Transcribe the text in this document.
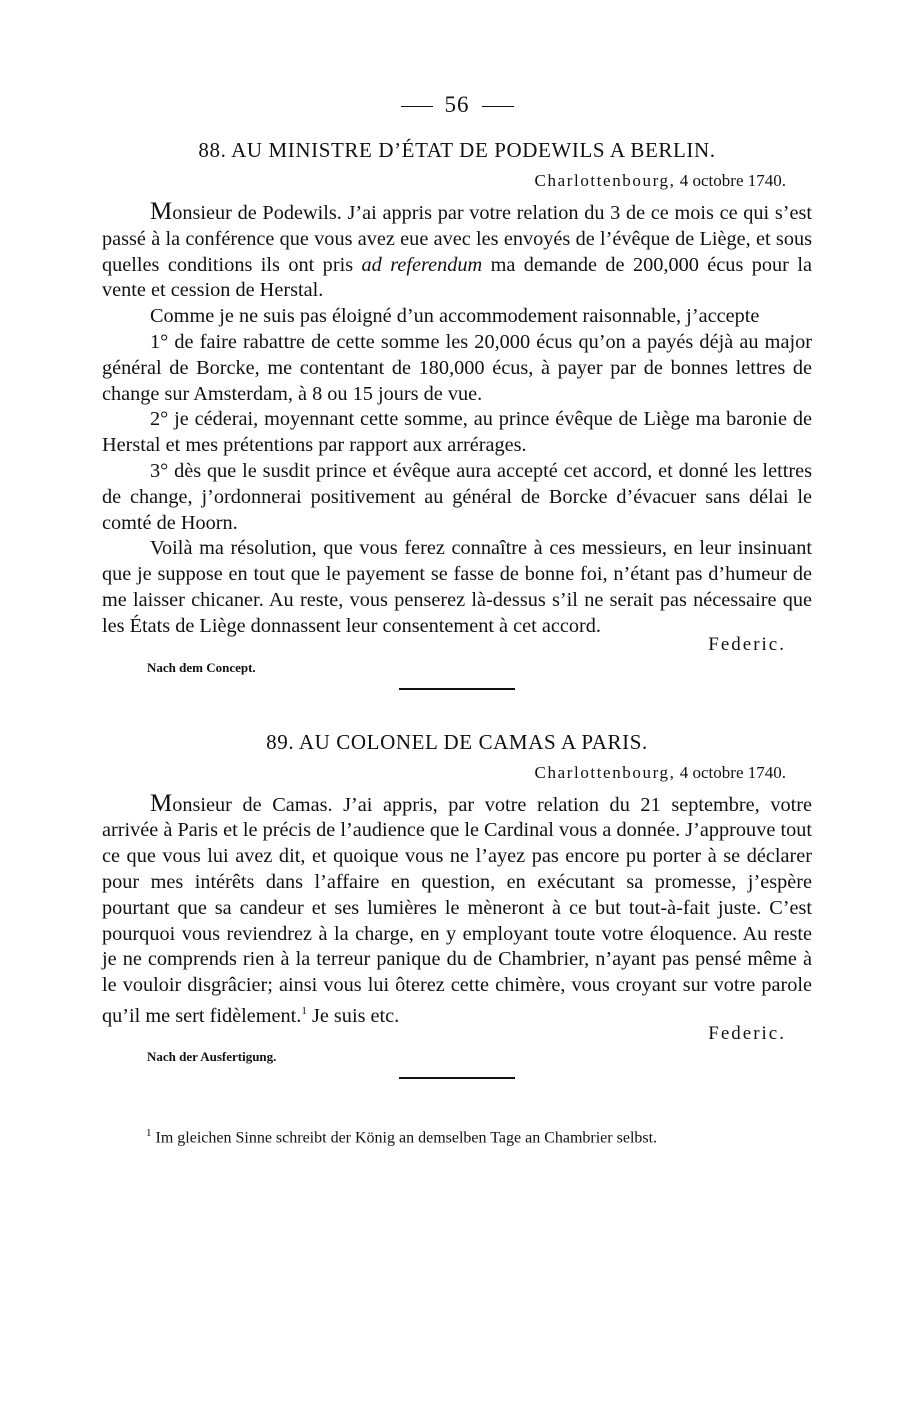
56
88. AU MINISTRE D’ÉTAT DE PODEWILS A BERLIN.
Charlottenbourg, 4 octobre 1740.

Monsieur de Podewils. J’ai appris par votre relation du 3 de ce mois ce qui s’est passé à la conférence que vous avez eue avec les envoyés de l’évêque de Liège, et sous quelles conditions ils ont pris ad referendum ma demande de 200,000 écus pour la vente et cession de Herstal.

Comme je ne suis pas éloigné d’un accommodement raisonnable, j’accepte

1° de faire rabattre de cette somme les 20,000 écus qu’on a payés déjà au major général de Borcke, me contentant de 180,000 écus, à payer par de bonnes lettres de change sur Amsterdam, à 8 ou 15 jours de vue.

2° je céderai, moyennant cette somme, au prince évêque de Liège ma baronie de Herstal et mes prétentions par rapport aux arrérages.

3° dès que le susdit prince et évêque aura accepté cet accord, et donné les lettres de change, j’ordonnerai positivement au général de Borcke d’évacuer sans délai le comté de Hoorn.

Voilà ma résolution, que vous ferez connaître à ces messieurs, en leur insinuant que je suppose en tout que le payement se fasse de bonne foi, n’étant pas d’humeur de me laisser chicaner. Au reste, vous penserez là-dessus s’il ne serait pas nécessaire que les États de Liège donnassent leur consentement à cet accord.

Federic.
Nach dem Concept.
89. AU COLONEL DE CAMAS A PARIS.
Charlottenbourg, 4 octobre 1740.

Monsieur de Camas. J’ai appris, par votre relation du 21 septembre, votre arrivée à Paris et le précis de l’audience que le Cardinal vous a donnée. J’approuve tout ce que vous lui avez dit, et quoique vous ne l’ayez pas encore pu porter à se déclarer pour mes intérêts dans l’affaire en question, en exécutant sa promesse, j’espère pourtant que sa candeur et ses lumières le mèneront à ce but tout-à-fait juste. C’est pourquoi vous reviendrez à la charge, en y employant toute votre éloquence. Au reste je ne comprends rien à la terreur panique du de Chambrier, n’ayant pas pensé même à le vouloir disgrâcier; ainsi vous lui ôterez cette chimère, vous croyant sur votre parole qu’il me sert fidèlement.$^1$ Je suis etc.

Federic.
Nach der Ausfertigung.
$^1$ Im gleichen Sinne schreibt der König an demselben Tage an Chambrier selbst.
